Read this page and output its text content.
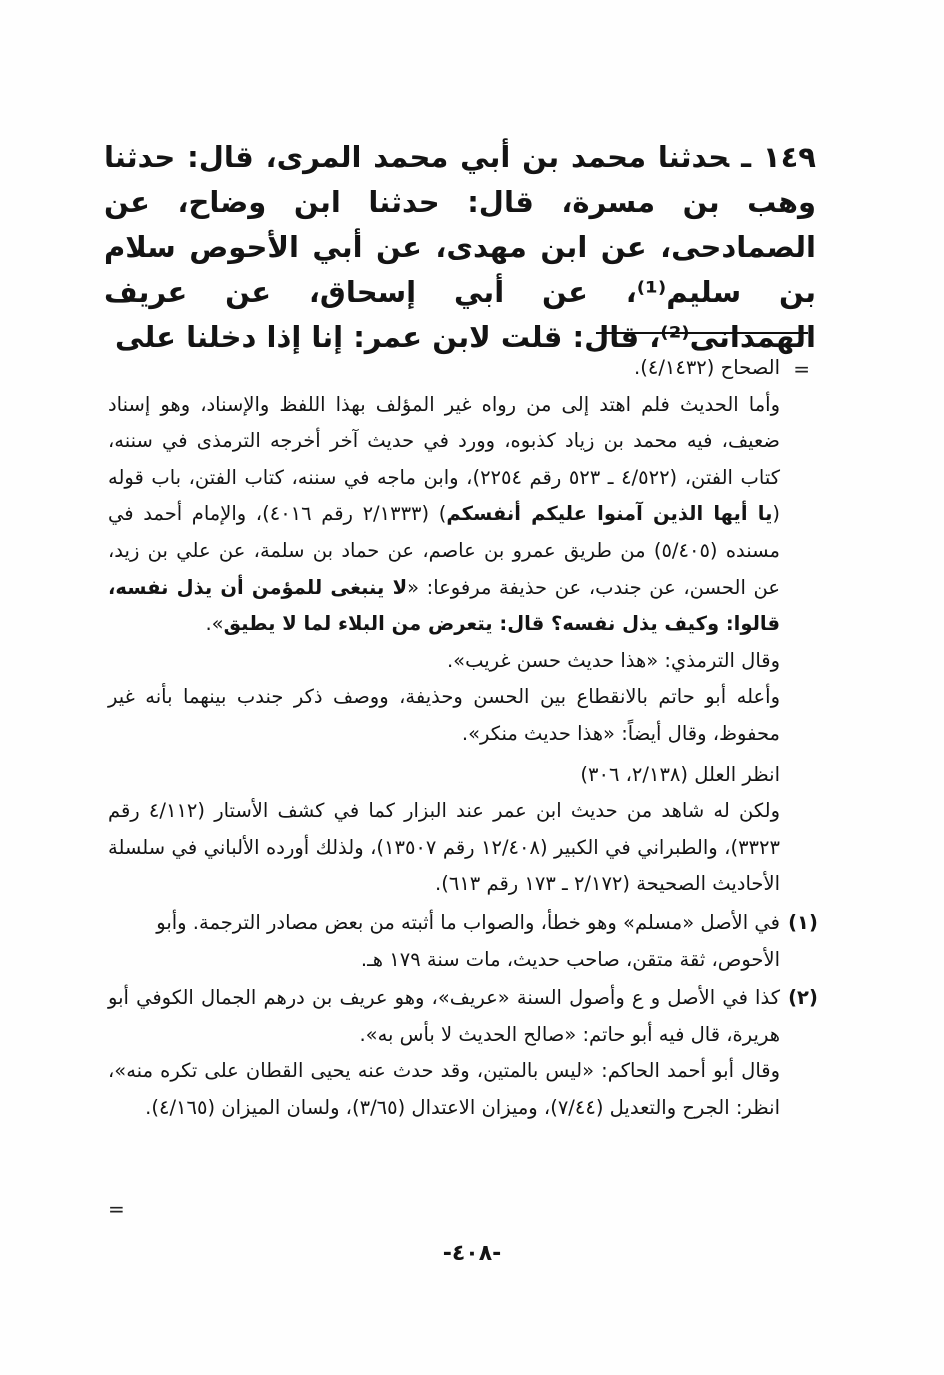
١٤٩ ـحدثنا محمد بن أبي محمد المرى، قال: حدثنا وهب بن مسرة، قال: حدثنا ابن وضاح، عن الصمادحى، عن ابن مهدى، عن أبي الأحوص سلام بن سليم⁽¹⁾، عن أبي إسحاق، عن عريف الهمدانى⁽²⁾، قال: قلت لابن عمر: إنا إذا دخلنا على
=

الصحاح (٤/١٤٣٢).

وأما الحديث فلم اهتد إلى من رواه غير المؤلف بهذا اللفظ والإسناد، وهو إسناد ضعيف، فيه محمد بن زياد كذبوه، وورد في حديث آخر أخرجه الترمذى في سننه، كتاب الفتن، (٤/٥٢٢ ـ ٥٢٣ رقم ٢٢٥٤)، وابن ماجه في سننه، كتاب الفتن، باب قوله (يا أيها الذين آمنوا عليكم أنفسكم) (٢/١٣٣٣ رقم ٤٠١٦)، والإمام أحمد في مسنده (٥/٤٠٥) من طريق عمرو بن عاصم، عن حماد بن سلمة، عن علي بن زيد، عن الحسن، عن جندب، عن حذيفة مرفوعا: «لا ينبغى للمؤمن أن يذل نفسه، قالوا: وكيف يذل نفسه؟ قال: يتعرض من البلاء لما لا يطيق».

وقال الترمذي: «هذا حديث حسن غريب».

وأعله أبو حاتم بالانقطاع بين الحسن وحذيفة، ووصف ذكر جندب بينهما بأنه غير محفوظ، وقال أيضاً: «هذا حديث منكر».

انظر العلل (٢/١٣٨، ٣٠٦)

ولكن له شاهد من حديث ابن عمر عند البزار كما في كشف الأستار (٤/١١٢ رقم ٣٣٢٣)، والطبراني في الكبير (١٢/٤٠٨ رقم ١٣٥٠٧)، ولذلك أورده الألباني في سلسلة الأحاديث الصحيحة (٢/١٧٢ ـ ١٧٣ رقم ٦١٣).

(١)
في الأصل «مسلم» وهو خطأ، والصواب ما أثبته من بعض مصادر الترجمة. وأبو الأحوص، ثقة متقن، صاحب حديث، مات سنة ١٧٩ هـ.
(٢)

كذا في الأصل و ع وأصول السنة «عريف»، وهو عريف بن درهم الجمال الكوفي أبو هريرة، قال فيه أبو حاتم: «صالح الحديث لا بأس به».

وقال أبو أحمد الحاكم: «ليس بالمتين، وقد حدث عنه يحيى القطان على تكره منه»، انظر: الجرح والتعديل (٧/٤٤)، وميزان الاعتدال (٣/٦٥)، ولسان الميزان (٤/١٦٥).

=
-٤٠٨-
